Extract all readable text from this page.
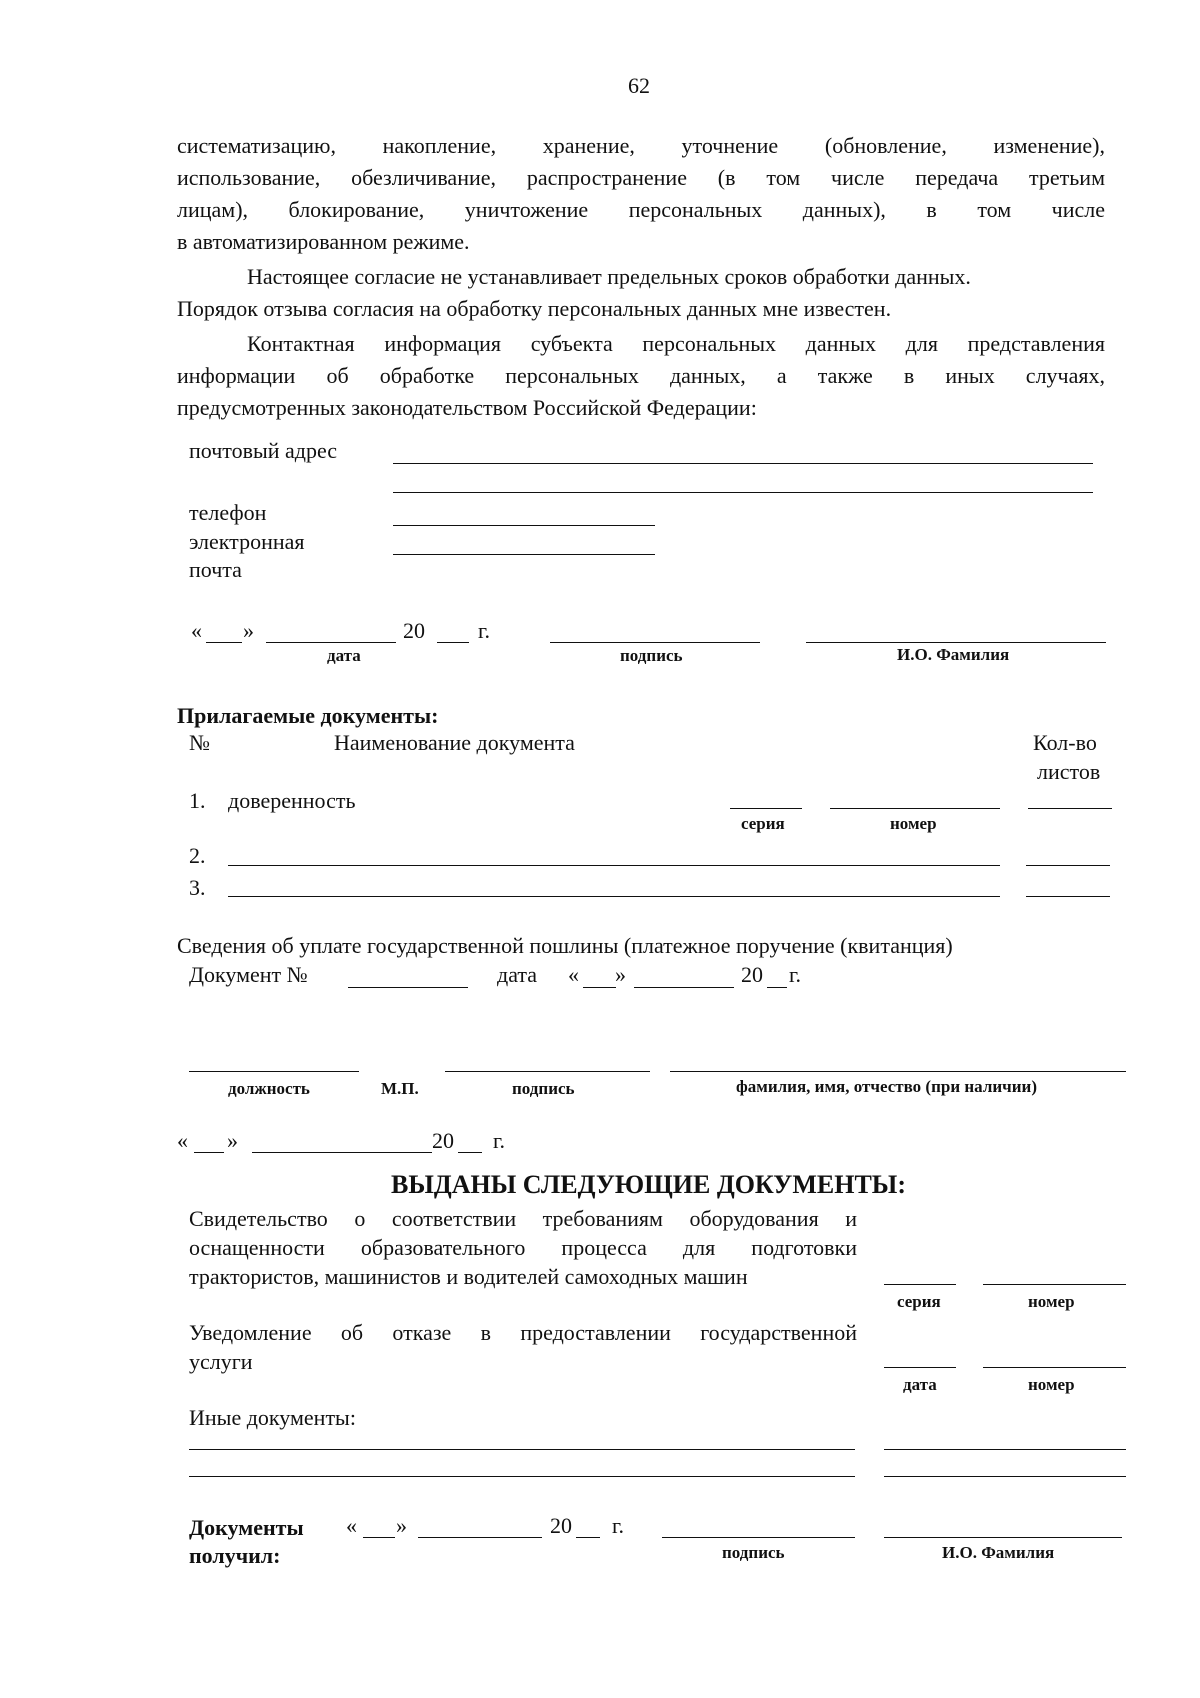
62
систематизацию, накопление, хранение, уточнение (обновление, изменение),
использование, обезличивание, распространение (в том числе передача третьим
лицам), блокирование, уничтожение персональных данных), в том числе
в автоматизированном режиме.
Настоящее согласие не устанавливает предельных сроков обработки данных.
Порядок отзыва согласия на обработку персональных данных мне известен.
Контактная информация субъекта персональных данных для представления
информации об обработке персональных данных, а также в иных случаях,
предусмотренных законодательством Российской Федерации:
почтовый адрес
телефон
электронная
почта
« »	20 г.
дата	подпись	И.О. Фамилия
Прилагаемые документы:
№	Наименование документа	Кол-во
листов
1. доверенность
серия	номер
2.
3.
Сведения об уплате государственной пошлины (платежное поручение (квитанция)
Документ №	дата « »	20 г.
должность	М.П.	подпись	фамилия, имя, отчество (при наличии)
« »	20 г.
ВЫДАНЫ СЛЕДУЮЩИЕ ДОКУМЕНТЫ:
Свидетельство о соответствии требованиям оборудования и
оснащенности образовательного процесса для подготовки
трактористов, машинистов и водителей самоходных машин
серия	номер
Уведомление об отказе в предоставлении государственной
услуги
дата	номер
Иные документы:
Документы
получил:
« »	20 г.
подпись	И.О. Фамилия
